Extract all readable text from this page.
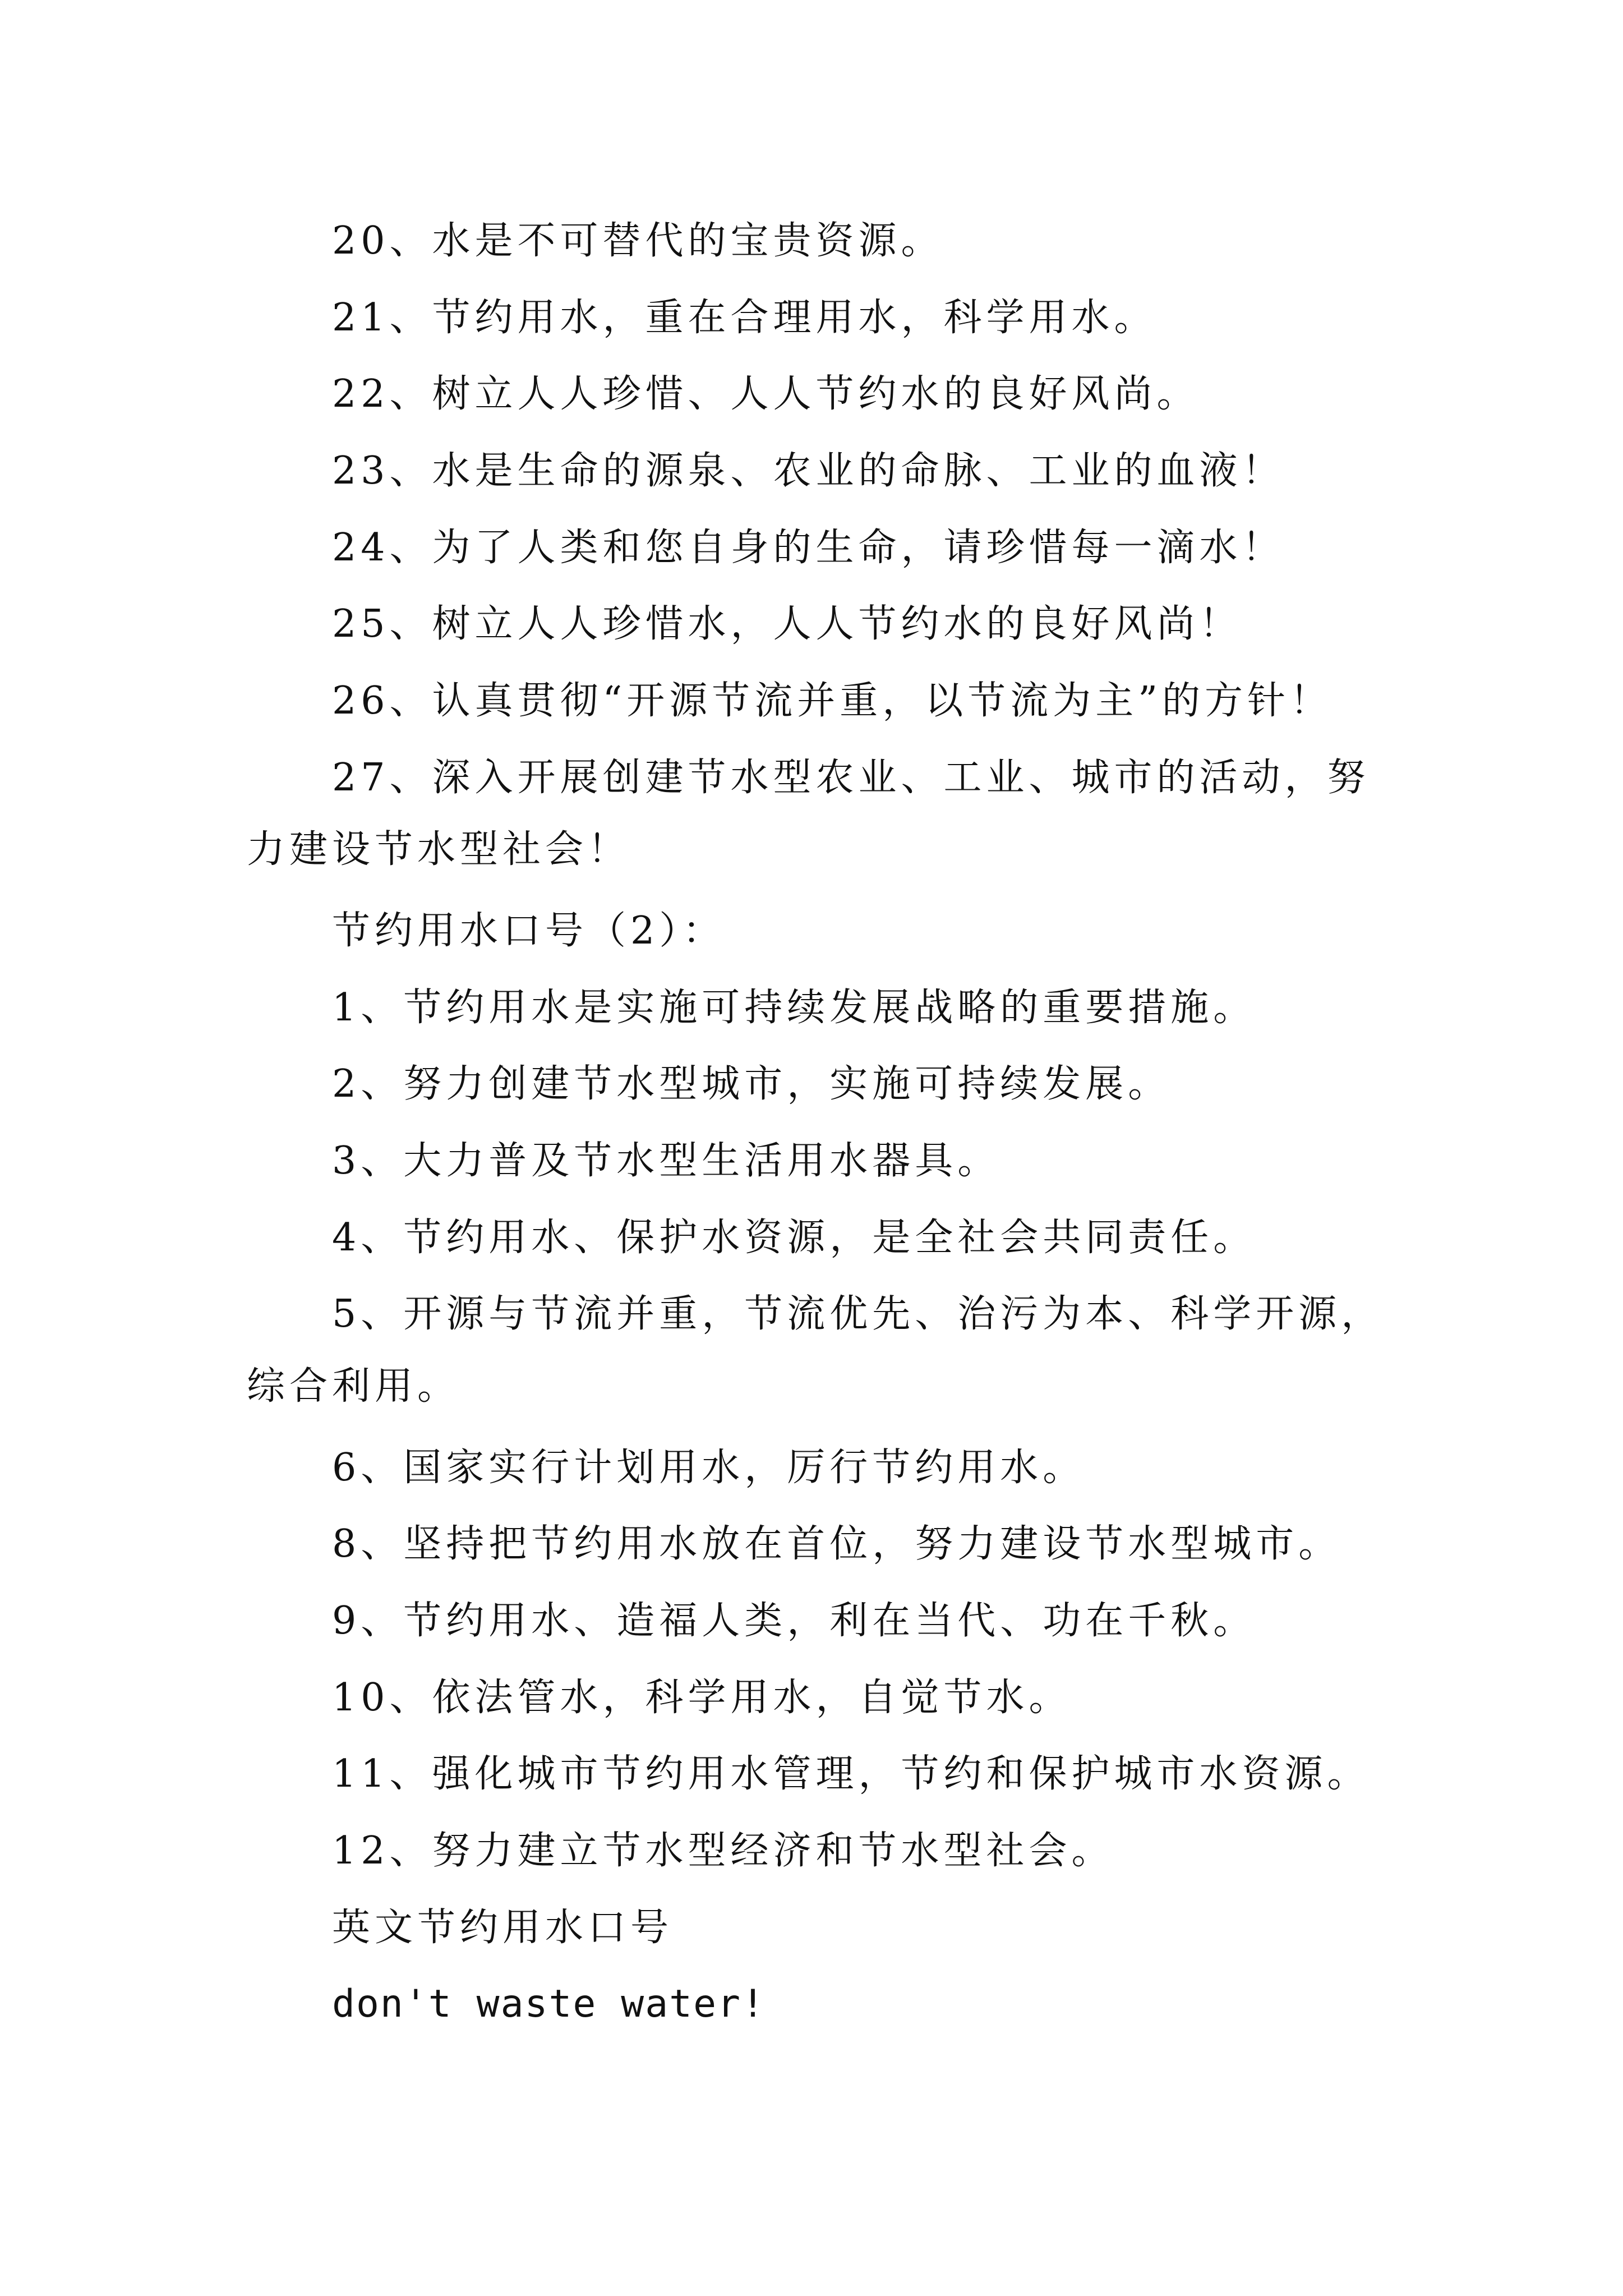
20、水是不可替代的宝贵资源。
21、节约用水，重在合理用水，科学用水。
22、树立人人珍惜、人人节约水的良好风尚。
23、水是生命的源泉、农业的命脉、工业的血液！
24、为了人类和您自身的生命，请珍惜每一滴水！
25、树立人人珍惜水，人人节约水的良好风尚！
26、认真贯彻“开源节流并重，以节流为主”的方针！
27、深入开展创建节水型农业、工业、城市的活动，努
力建设节水型社会！
节约用水口号（2）：
1、节约用水是实施可持续发展战略的重要措施。
2、努力创建节水型城市，实施可持续发展。
3、大力普及节水型生活用水器具。
4、节约用水、保护水资源，是全社会共同责任。
5、开源与节流并重，节流优先、治污为本、科学开源，
综合利用。
6、国家实行计划用水，厉行节约用水。
8、坚持把节约用水放在首位，努力建设节水型城市。
9、节约用水、造福人类，利在当代、功在千秋。
10、依法管水，科学用水，自觉节水。
11、强化城市节约用水管理，节约和保护城市水资源。
12、努力建立节水型经济和节水型社会。
英文节约用水口号
don't waste water!
